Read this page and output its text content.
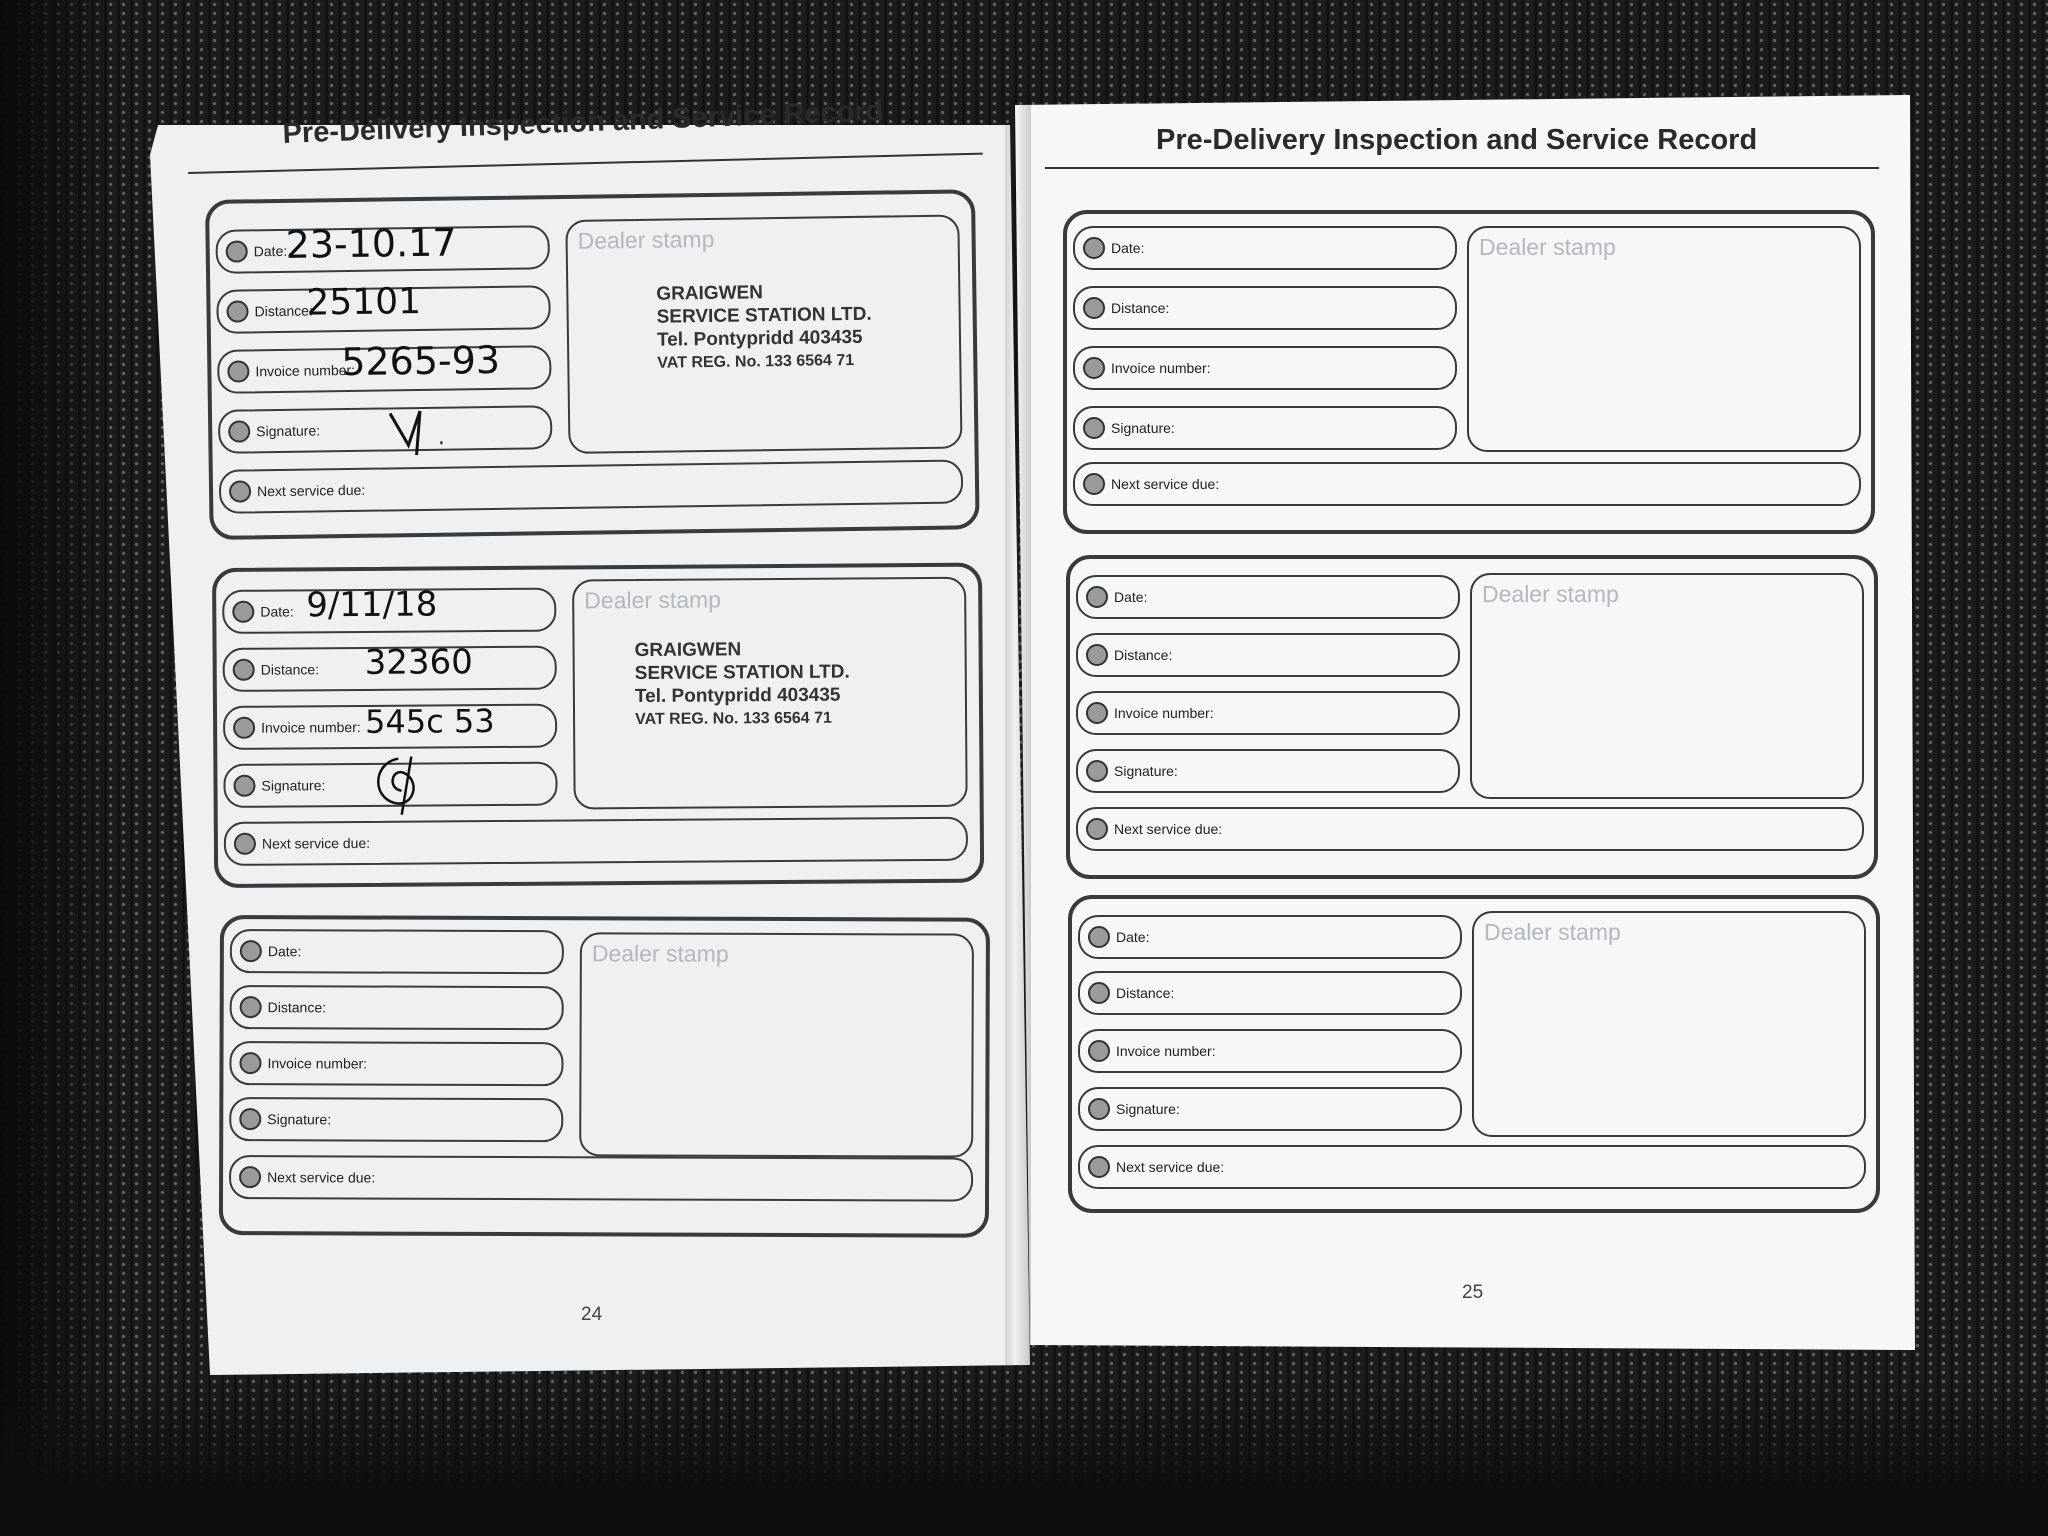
Pre-Delivery Inspection and Service Record
Date:
23-10.17
Distance:
25101
Invoice number:
5265-93
Signature:
Next service due:
Dealer stamp
GRAIGWEN
SERVICE STATION LTD.
Tel. Pontypridd 403435
VAT REG. No. 133 6564 71
Date: 9/11/18
Distance: 32360
Invoice number: 545c 53
Signature:
Next service due:
Dealer stamp
GRAIGWEN
SERVICE STATION LTD.
Tel. Pontypridd 403435
VAT REG. No. 133 6564 71
Date:
Distance:
Invoice number:
Signature:
Next service due:
Dealer stamp
24
Pre-Delivery Inspection and Service Record
Date:
Distance:
Invoice number:
Signature:
Next service due:
Dealer stamp
Date:
Distance:
Invoice number:
Signature:
Next service due:
Dealer stamp
Date:
Distance:
Invoice number:
Signature:
Next service due:
Dealer stamp
25
